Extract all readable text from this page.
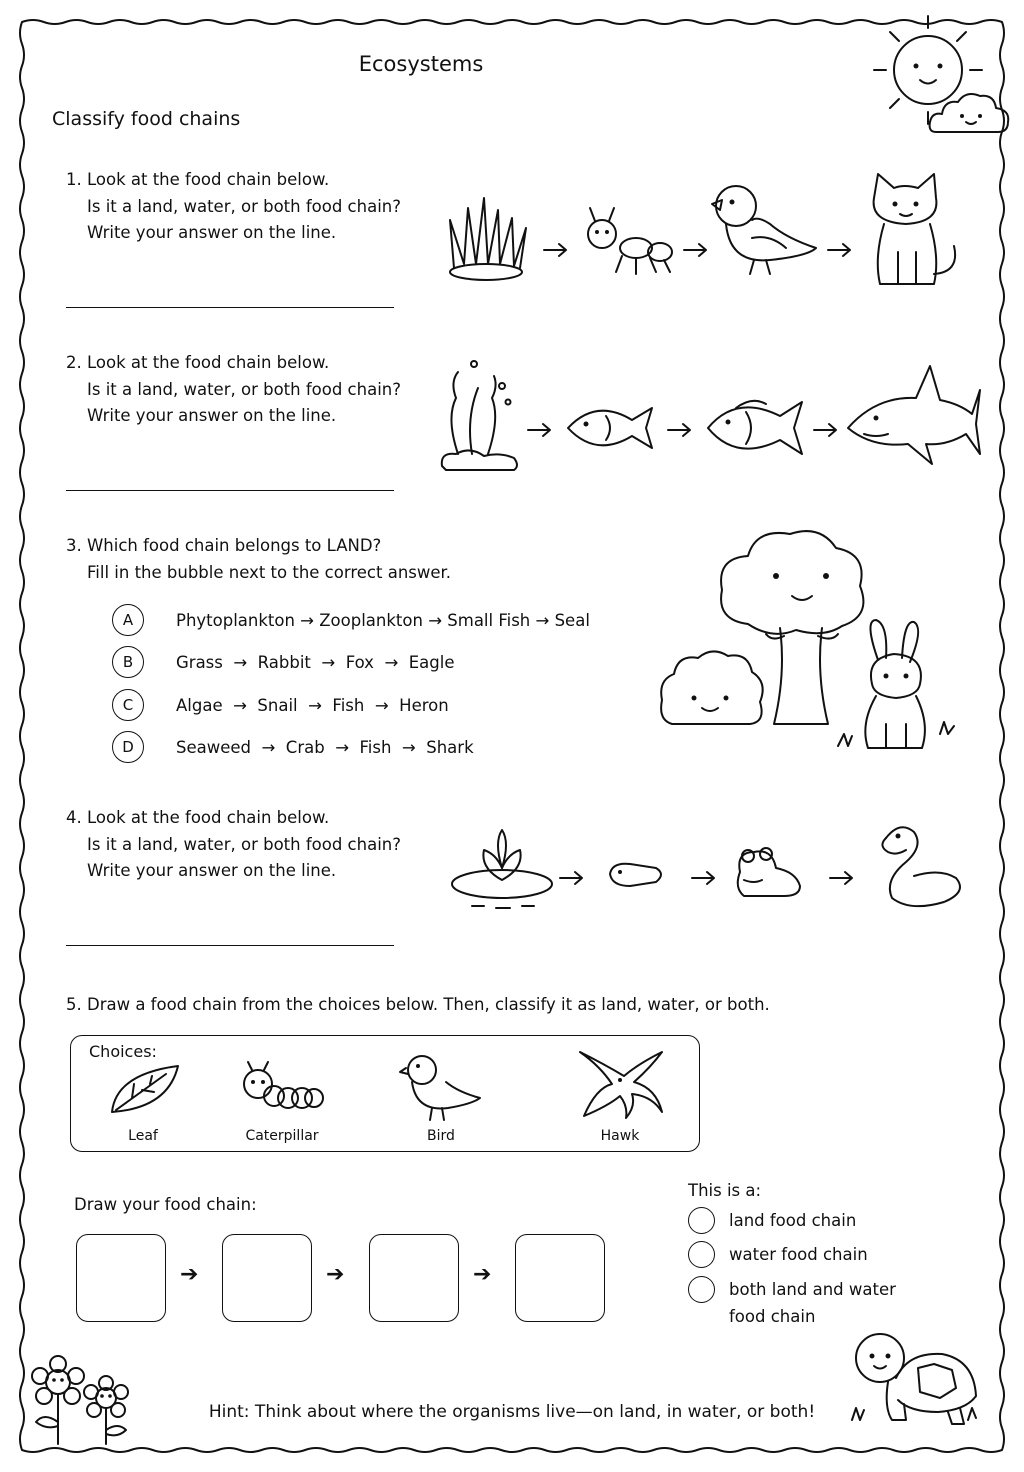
Ecosystems
Classify food chains
1. Look at the food chain below.
Is it a land, water, or both food chain?
Write your answer on the line.
2. Look at the food chain below.
Is it a land, water, or both food chain?
Write your answer on the line.
3. Which food chain belongs to LAND?
Fill in the bubble next to the correct answer.
A	Phytoplankton → Zooplankton → Small Fish → Seal
B	Grass  →  Rabbit  →  Fox  →  Eagle
C	Algae  →  Snail  →  Fish  →  Heron
D	Seaweed  →  Crab  →  Fish  →  Shark
4. Look at the food chain below.
Is it a land, water, or both food chain?
Write your answer on the line.
5. Draw a food chain from the choices below. Then, classify it as land, water, or both.
Choices:
Leaf	Caterpillar	Bird	Hawk
Draw your food chain:
➔	➔	➔
This is a:
land food chain
water food chain
both land and water
food chain
Hint: Think about where the organisms live—on land, in water, or both!
